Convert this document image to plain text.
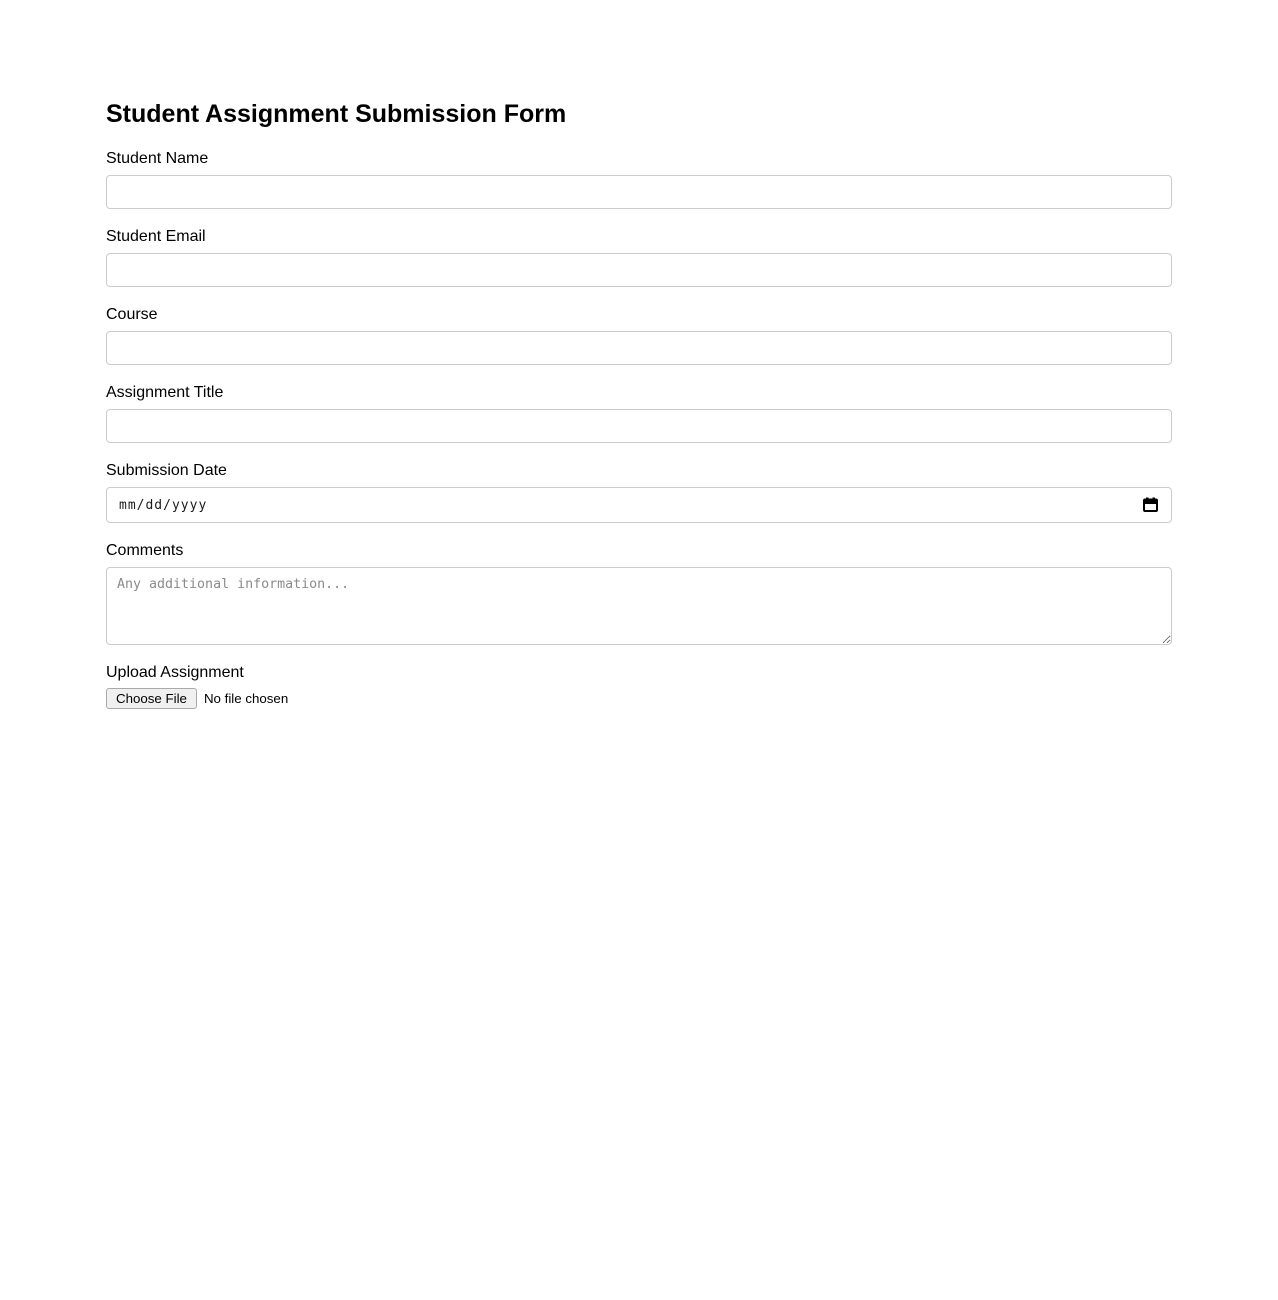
Student Assignment Submission Form
Student Name
Student Email
Course
Assignment Title
Submission Date
mm/dd/yyyy
Comments
Any additional information...
Upload Assignment
Choose File	No file chosen
